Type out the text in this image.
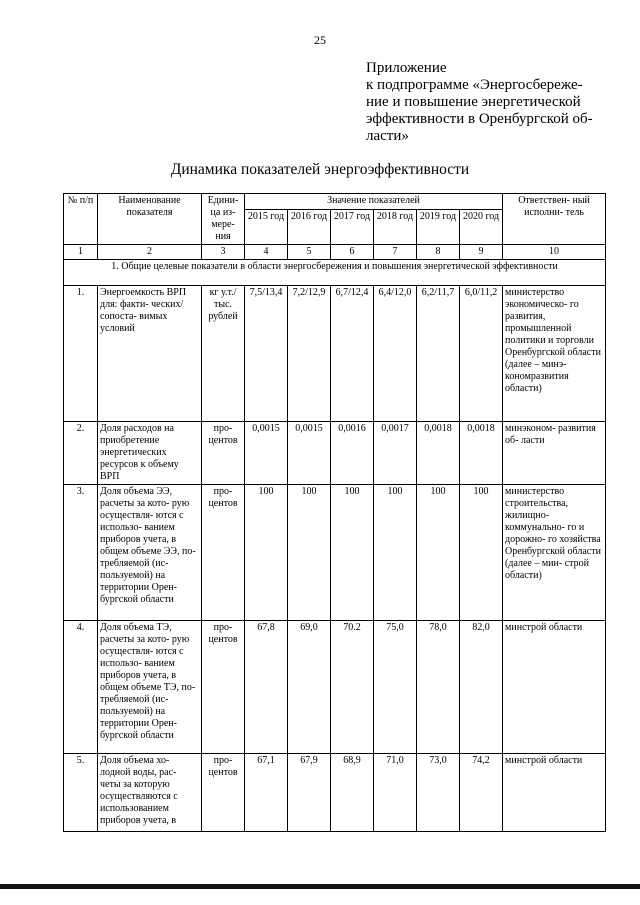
25
Приложение
к подпрограмме «Энергосбереже-
ние и повышение энергетической
эффективности в Оренбургской об-
ласти»
Динамика показателей энергоэффективности
№ п/п	Наименование показателя	Едини- ца из- мере- ния	Значение показателей						Ответствен- ный исполни- тель
			2015 год	2016 год	2017 год	2018 год	2019 год	2020 год	
1	2	3	4	5	6	7	8	9	10
1. Общие целевые показатели в области энергосбережения и повышения энергетической эффективности									
1.	Энергоемкость ВРП для: факти- ческих/ сопоста- вимых условий	кг у.т./ тыс. рублей	7,5/13,4	7,2/12,9	6,7/12,4	6,4/12,0	6,2/11,7	6,0/11,2	министерство экономическо- го развития, промышленной политики и торговли Оренбургской области (далее – минэ- кономразвития области)
2.	Доля расходов на приобретение энергетических ресурсов к объему ВРП	про- центов	0,0015	0,0015	0,0016	0,0017	0,0018	0,0018	минэконом- развития об- ласти
3.	Доля объема ЭЭ, расчеты за кото- рую осуществля- ются с использо- ванием приборов учета, в общем объеме ЭЭ, по- требляемой (ис- пользуемой) на территории Орен- бургской области	про- центов	100	100	100	100	100	100	министерство строительства, жилищно- коммунально- го и дорожно- го хозяйства Оренбургской области (далее – мин- строй области)
4.	Доля объема ТЭ, расчеты за кото- рую осуществля- ются с использо- ванием приборов учета, в общем объеме ТЭ, по- требляемой (ис- пользуемой) на территории Орен- бургской области	про- центов	67,8	69,0	70.2	75,0	78,0	82,0	минстрой области
5.	Доля объема хо- лодной воды, рас- четы за которую осуществляются с использованием приборов учета, в	про- центов	67,1	67,9	68,9	71,0	73,0	74,2	минстрой области
